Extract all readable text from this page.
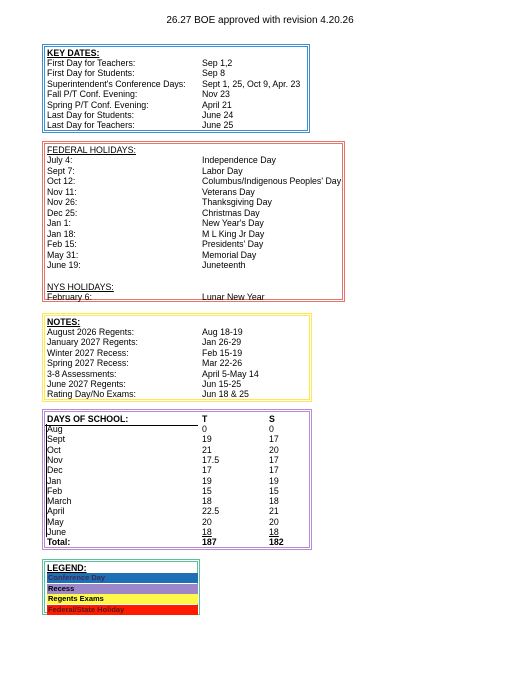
26.27 BOE approved with revision 4.20.26
KEY DATES:
First Day for Teachers:	Sep 1,2
First Day for Students:	Sep 8
Superintendent's Conference Days: Sept 1, 25, Oct 9, Apr. 23
Fall P/T Conf. Evening:	Nov 23
Spring P/T Conf. Evening:	April 21
Last Day for Students:	June 24
Last Day for Teachers:	June 25
FEDERAL HOLIDAYS:
NYS HOLIDAYS:
July 4:	Independence Day
Sept 7:	Labor Day
Oct 12:	Columbus/Indigenous Peoples' Day
Nov 11:	Veterans Day
Nov 26:	Thanksgiving Day
Dec 25:	Christmas Day
Jan 1:	New Year's Day
Jan 18:	M L King Jr Day
Feb 15:	Presidents' Day
May 31:	Memorial Day
June 19:	Juneteenth
February 6:	Lunar New Year
NOTES:
August 2026 Regents:	Aug 18-19
January 2027 Regents:	Jan 26-29
Winter 2027 Recess:	Feb 15-19
Spring 2027 Recess:	Mar 22-26
3-8 Assessments:	April 5-May 14
June 2027 Regents:	Jun 15-25
Rating Day/No Exams:	Jun 18 & 25
DAYS OF SCHOOL:	T	S
Aug	0	0
Sept	19	17
Oct	21	20
Nov	17.5	17
Dec	17	17
Jan	19	19
Feb	15	15
March	18	18
April	22.5	21
May	20	20
June	18	18
Total:	187	182
LEGEND:
Conference Day
Recess
Regents Exams
Federal/State Holiday
